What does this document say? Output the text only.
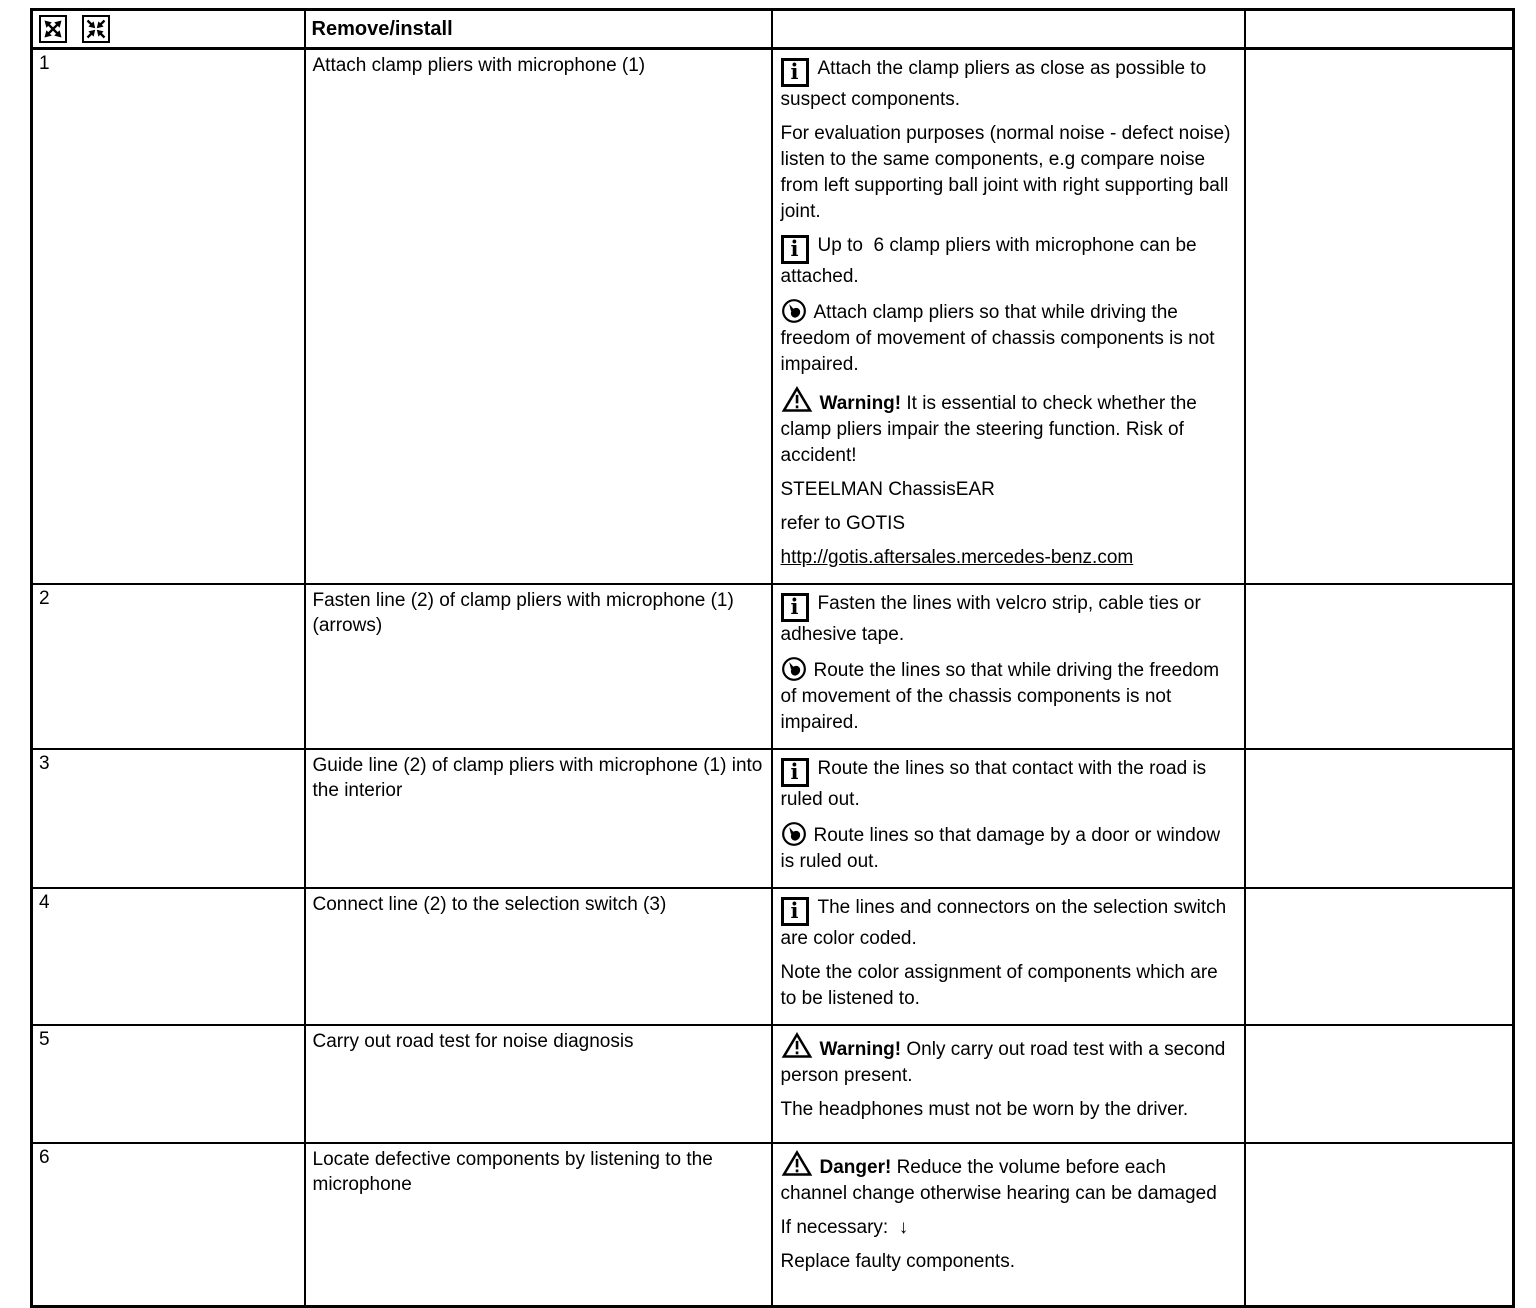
	Remove/install		
1	Attach clamp pliers with microphone (1)	i Attach the clamp pliers as close as possible to suspect components.
For evaluation purposes (normal noise - defect noise) listen to the same components, e.g compare noise from left supporting ball joint with right supporting ball joint.
i Up to  6 clamp pliers with microphone can be attached.
Attach clamp pliers so that while driving the freedom of movement of chassis components is not impaired.
Warning! It is essential to check whether the clamp pliers impair the steering function. Risk of accident!
STEELMAN ChassisEAR
refer to GOTIS
http://gotis.aftersales.mercedes-benz.com

2	Fasten line (2) of clamp pliers with microphone (1) (arrows)	i Fasten the lines with velcro strip, cable ties or adhesive tape.
Route the lines so that while driving the freedom of movement of the chassis components is not impaired.	

3	Guide line (2) of clamp pliers with microphone (1) into the interior	i Route the lines so that contact with the road is ruled out.
Route lines so that damage by a door or window is ruled out.	

4	Connect line (2) to the selection switch (3)	i The lines and connectors on the selection switch are color coded.
Note the color assignment of components which are to be listened to.	

5	Carry out road test for noise diagnosis	Warning! Only carry out road test with a second person present.
The headphones must not be worn by the driver.	

6	Locate defective components by listening to the microphone	Danger! Reduce the volume before each channel change otherwise hearing can be damaged
If necessary:  ↓
Replace faulty components.	
